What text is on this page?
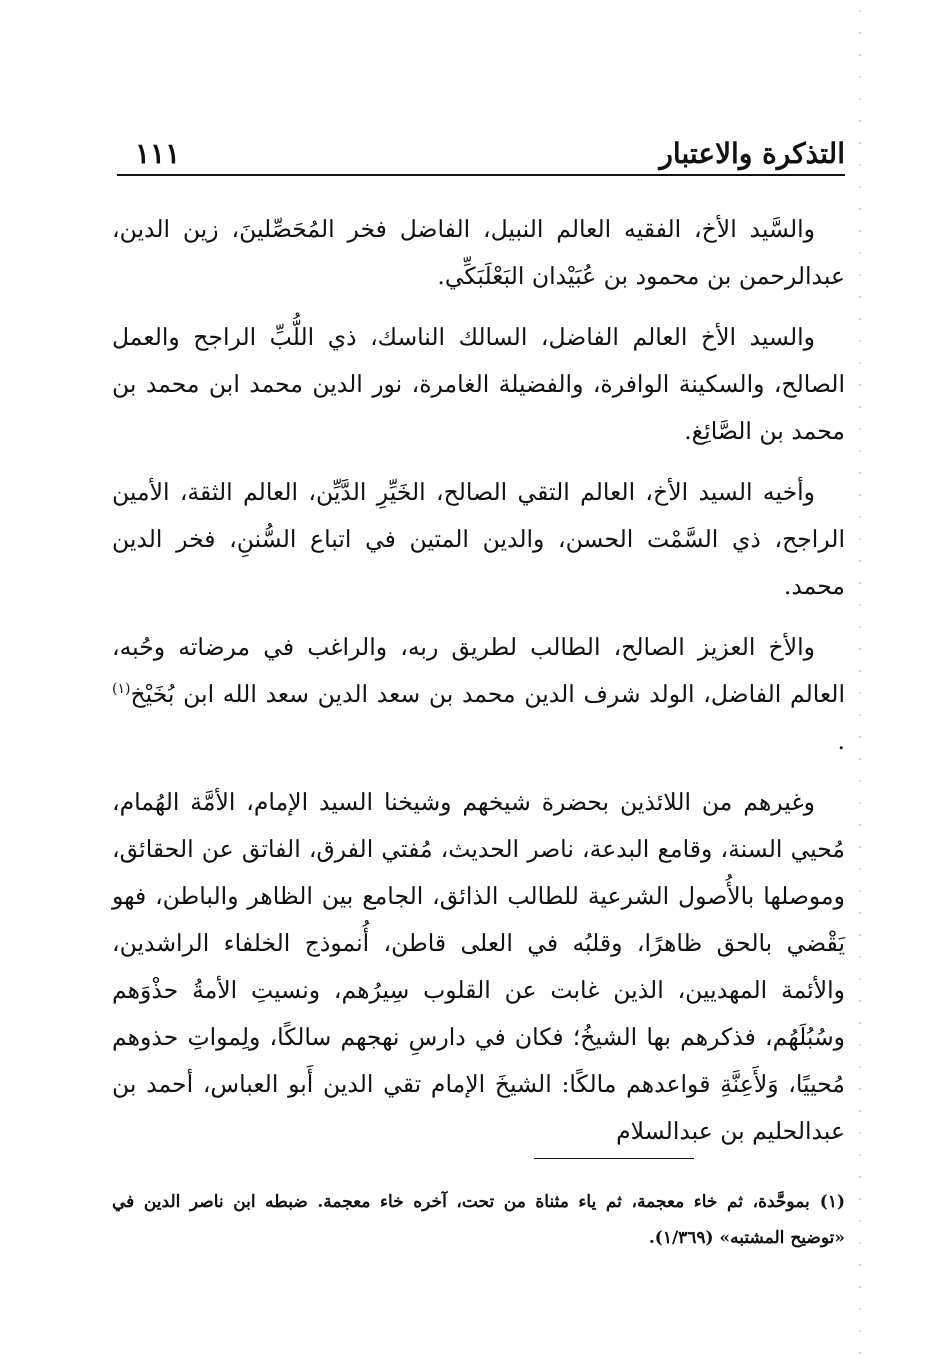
التذكرة والاعتبار
١١١

والسَّيد الأخ، الفقيه العالم النبيل، الفاضل فخر المُحَصِّلينَ، زين الدين، عبدالرحمن بن محمود بن عُبَيْدان البَعْلَبَكِّي.

والسيد الأخ العالم الفاضل، السالك الناسك، ذي اللُّبِّ الراجح والعمل الصالح، والسكينة الوافرة، والفضيلة الغامرة، نور الدين محمد ابن محمد بن محمد بن الصَّائِغ.

وأخيه السيد الأخ، العالم التقي الصالح، الخَيِّرِ الدَّيِّن، العالم الثقة، الأمين الراجح، ذي السَّمْت الحسن، والدين المتين في اتباع السُّننِ، فخر الدين محمد.

والأخ العزيز الصالح، الطالب لطريق ربه، والراغب في مرضاته وحُبه، العالم الفاضل، الولد شرف الدين محمد بن سعد الدين سعد الله ابن بُخَيْخ$^{(١)}$ .

وغيرهم من اللائذين بحضرة شيخهم وشيخنا السيد الإمام، الأمَّة الهُمام، مُحيي السنة، وقامع البدعة، ناصر الحديث، مُفتي الفرق، الفاتق عن الحقائق، وموصلها بالأُصول الشرعية للطالب الذائق، الجامع بين الظاهر والباطن، فهو يَقْضي بالحق ظاهرًا، وقلبُه في العلى قاطن، أُنموذج الخلفاء الراشدين، والأئمة المهديين، الذين غابت عن القلوب سِيرُهم، ونسيتِ الأمةُ حذْوَهم وسُبُلَهُم، فذكرهم بها الشيخُ؛ فكان في دارسِ نهجهم سالكًا، ولِمواتِ حذوهم مُحييًا، وَلأَعِنَّةِ قواعدهم مالكًا: الشيخَ الإمام تقي الدين أَبو العباس، أحمد بن عبدالحليم بن عبدالسلام

(١)بموحَّدة، ثم خاء معجمة، ثم ياء مثناة من تحت، آخره خاء معجمة. ضبطه ابن ناصر الدين في «توضيح المشتبه» (١/٣٦٩).
